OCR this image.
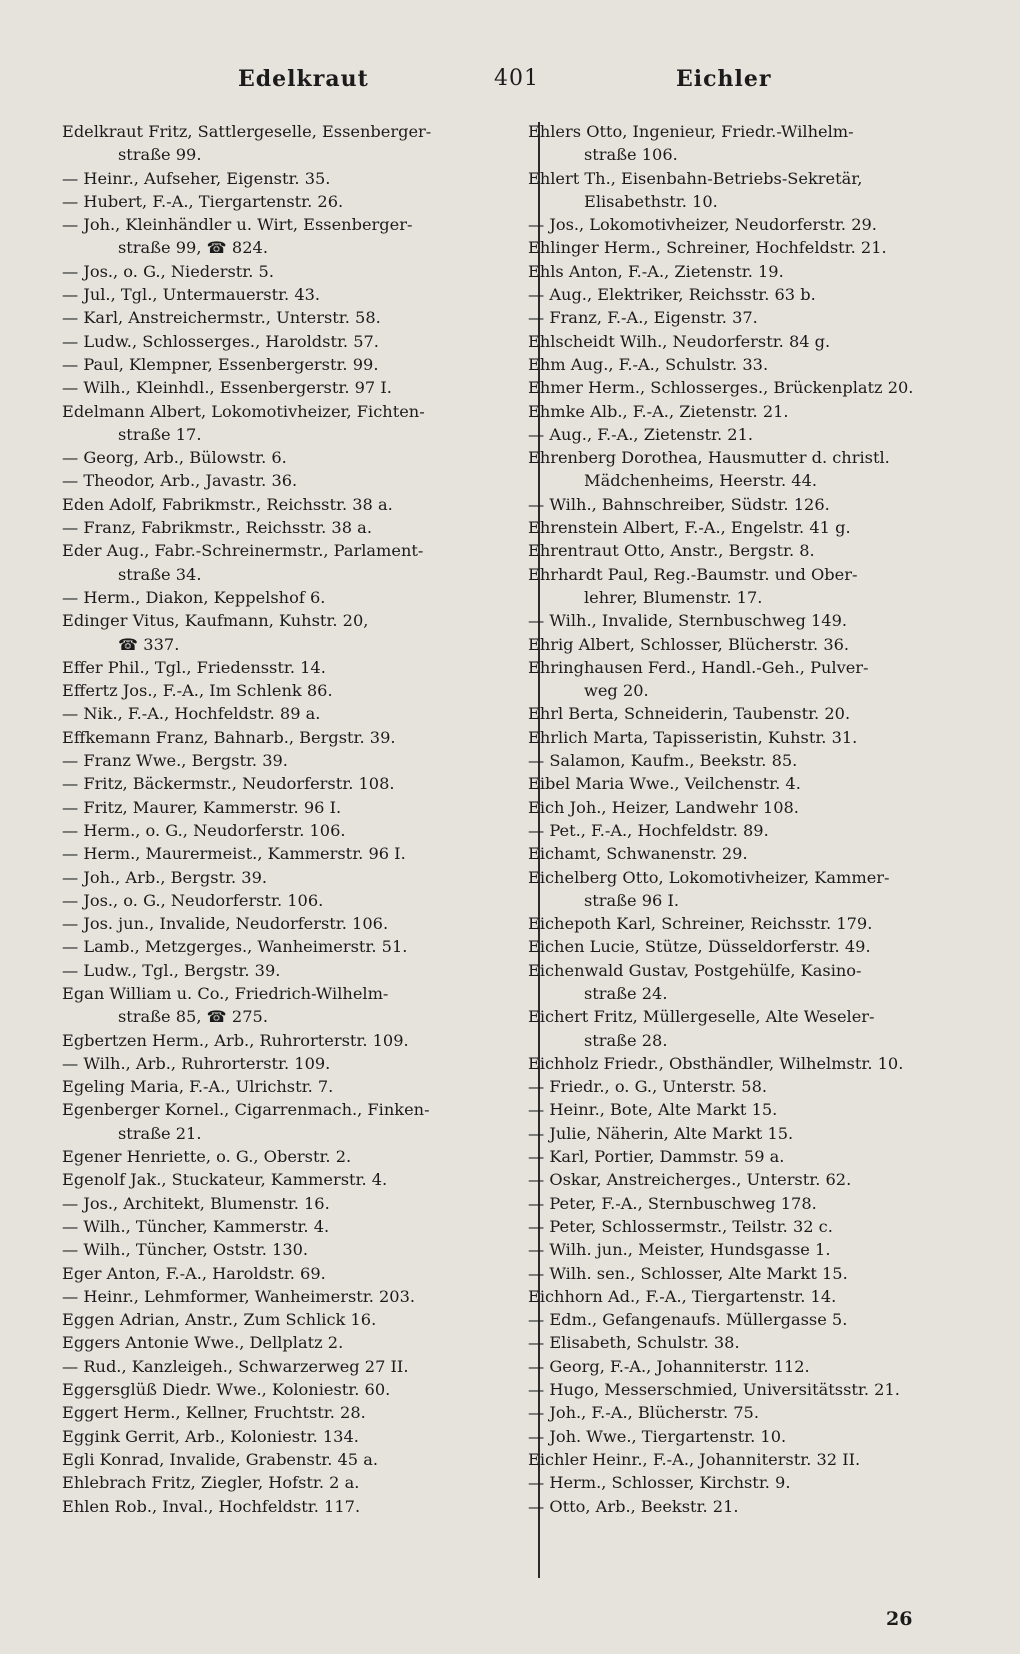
Edelkraut	401	Eichler
Edelkraut Fritz, Sattlergeselle, Essenberger-
straße 99.
— Heinr., Aufseher, Eigenstr. 35.
— Hubert, F.-A., Tiergartenstr. 26.
— Joh., Kleinhändler u. Wirt, Essenberger-
straße 99, ☎ 824.
— Jos., o. G., Niederstr. 5.
— Jul., Tgl., Untermauerstr. 43.
— Karl, Anstreichermstr., Unterstr. 58.
— Ludw., Schlosserges., Haroldstr. 57.
— Paul, Klempner, Essenbergerstr. 99.
— Wilh., Kleinhdl., Essenbergerstr. 97 I.
Edelmann Albert, Lokomotivheizer, Fichten-
straße 17.
— Georg, Arb., Bülowstr. 6.
— Theodor, Arb., Javastr. 36.
Eden Adolf, Fabrikmstr., Reichsstr. 38 a.
— Franz, Fabrikmstr., Reichsstr. 38 a.
Eder Aug., Fabr.-Schreinermstr., Parlament-
straße 34.
— Herm., Diakon, Keppelshof 6.
Edinger Vitus, Kaufmann, Kuhstr. 20,
☎ 337.
Effer Phil., Tgl., Friedensstr. 14.
Effertz Jos., F.-A., Im Schlenk 86.
— Nik., F.-A., Hochfeldstr. 89 a.
Effkemann Franz, Bahnarb., Bergstr. 39.
— Franz Wwe., Bergstr. 39.
— Fritz, Bäckermstr., Neudorferstr. 108.
— Fritz, Maurer, Kammerstr. 96 I.
— Herm., o. G., Neudorferstr. 106.
— Herm., Maurermeist., Kammerstr. 96 I.
— Joh., Arb., Bergstr. 39.
— Jos., o. G., Neudorferstr. 106.
— Jos. jun., Invalide, Neudorferstr. 106.
— Lamb., Metzgerges., Wanheimerstr. 51.
— Ludw., Tgl., Bergstr. 39.
Egan William u. Co., Friedrich-Wilhelm-
straße 85, ☎ 275.
Egbertzen Herm., Arb., Ruhrorterstr. 109.
— Wilh., Arb., Ruhrorterstr. 109.
Egeling Maria, F.-A., Ulrichstr. 7.
Egenberger Kornel., Cigarrenmach., Finken-
straße 21.
Egener Henriette, o. G., Oberstr. 2.
Egenolf Jak., Stuckateur, Kammerstr. 4.
— Jos., Architekt, Blumenstr. 16.
— Wilh., Tüncher, Kammerstr. 4.
— Wilh., Tüncher, Oststr. 130.
Eger Anton, F.-A., Haroldstr. 69.
— Heinr., Lehmformer, Wanheimerstr. 203.
Eggen Adrian, Anstr., Zum Schlick 16.
Eggers Antonie Wwe., Dellplatz 2.
— Rud., Kanzleigeh., Schwarzerweg 27 II.
Eggersglüß Diedr. Wwe., Koloniestr. 60.
Eggert Herm., Kellner, Fruchtstr. 28.
Eggink Gerrit, Arb., Koloniestr. 134.
Egli Konrad, Invalide, Grabenstr. 45 a.
Ehlebrach Fritz, Ziegler, Hofstr. 2 a.
Ehlen Rob., Inval., Hochfeldstr. 117.
Ehlers Otto, Ingenieur, Friedr.-Wilhelm-
straße 106.
Ehlert Th., Eisenbahn-Betriebs-Sekretär,
Elisabethstr. 10.
— Jos., Lokomotivheizer, Neudorferstr. 29.
Ehlinger Herm., Schreiner, Hochfeldstr. 21.
Ehls Anton, F.-A., Zietenstr. 19.
— Aug., Elektriker, Reichsstr. 63 b.
— Franz, F.-A., Eigenstr. 37.
Ehlscheidt Wilh., Neudorferstr. 84 g.
Ehm Aug., F.-A., Schulstr. 33.
Ehmer Herm., Schlosserges., Brückenplatz 20.
Ehmke Alb., F.-A., Zietenstr. 21.
— Aug., F.-A., Zietenstr. 21.
Ehrenberg Dorothea, Hausmutter d. christl.
Mädchenheims, Heerstr. 44.
— Wilh., Bahnschreiber, Südstr. 126.
Ehrenstein Albert, F.-A., Engelstr. 41 g.
Ehrentraut Otto, Anstr., Bergstr. 8.
Ehrhardt Paul, Reg.-Baumstr. und Ober-
lehrer, Blumenstr. 17.
— Wilh., Invalide, Sternbuschweg 149.
Ehrig Albert, Schlosser, Blücherstr. 36.
Ehringhausen Ferd., Handl.-Geh., Pulver-
weg 20.
Ehrl Berta, Schneiderin, Taubenstr. 20.
Ehrlich Marta, Tapisseristin, Kuhstr. 31.
— Salamon, Kaufm., Beekstr. 85.
Eibel Maria Wwe., Veilchenstr. 4.
Eich Joh., Heizer, Landwehr 108.
— Pet., F.-A., Hochfeldstr. 89.
Eichamt, Schwanenstr. 29.
Eichelberg Otto, Lokomotivheizer, Kammer-
straße 96 I.
Eichepoth Karl, Schreiner, Reichsstr. 179.
Eichen Lucie, Stütze, Düsseldorferstr. 49.
Eichenwald Gustav, Postgehülfe, Kasino-
straße 24.
Eichert Fritz, Müllergeselle, Alte Weseler-
straße 28.
Eichholz Friedr., Obsthändler, Wilhelmstr. 10.
— Friedr., o. G., Unterstr. 58.
— Heinr., Bote, Alte Markt 15.
— Julie, Näherin, Alte Markt 15.
— Karl, Portier, Dammstr. 59 a.
— Oskar, Anstreicherges., Unterstr. 62.
— Peter, F.-A., Sternbuschweg 178.
— Peter, Schlossermstr., Teilstr. 32 c.
— Wilh. jun., Meister, Hundsgasse 1.
— Wilh. sen., Schlosser, Alte Markt 15.
Eichhorn Ad., F.-A., Tiergartenstr. 14.
— Edm., Gefangenaufs. Müllergasse 5.
— Elisabeth, Schulstr. 38.
— Georg, F.-A., Johanniterstr. 112.
— Hugo, Messerschmied, Universitätsstr. 21.
— Joh., F.-A., Blücherstr. 75.
— Joh. Wwe., Tiergartenstr. 10.
Eichler Heinr., F.-A., Johanniterstr. 32 II.
— Herm., Schlosser, Kirchstr. 9.
— Otto, Arb., Beekstr. 21.
26
